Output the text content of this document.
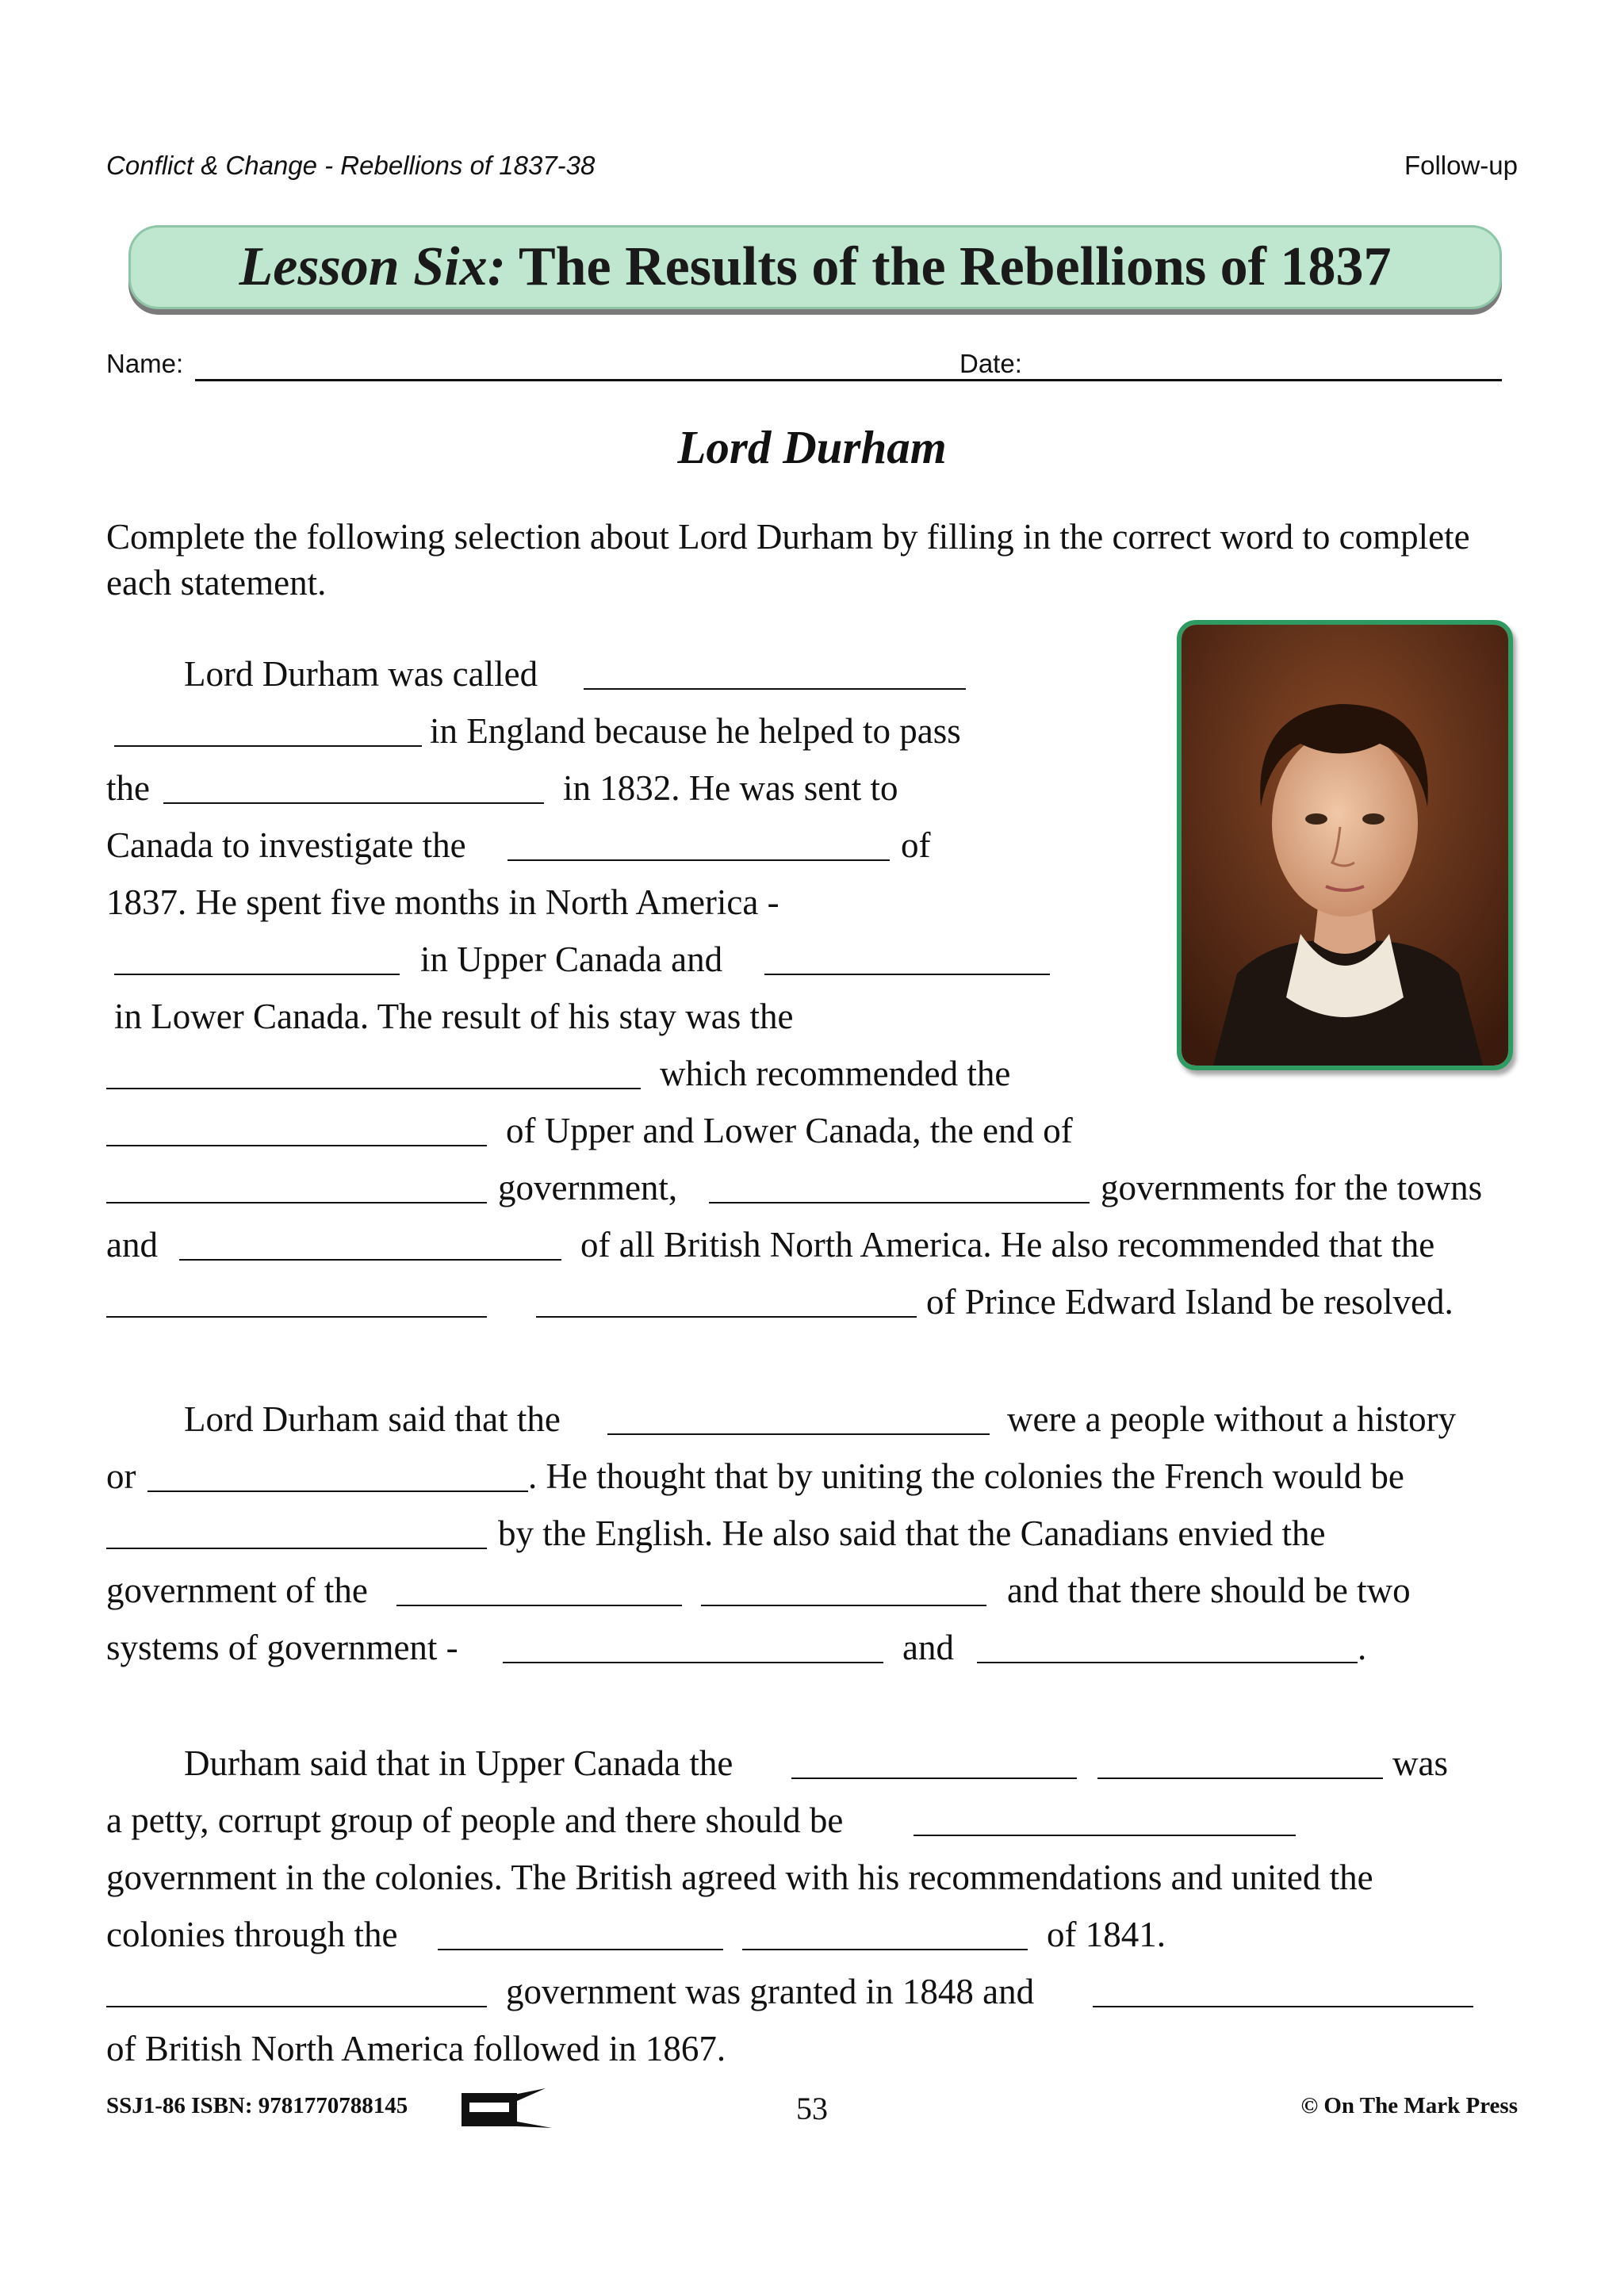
Conflict & Change - Rebellions of 1837-38	Follow-up
Lesson Six: The Results of the Rebellions of 1837
Name:	Date:
Lord Durham
Complete the following selection about Lord Durham by filling in the correct word to complete each statement.
Lord Durham was called
in England because he helped to pass
the	in 1832. He was sent to
Canada to investigate the	of
1837. He spent five months in North America -
in Upper Canada and
in Lower Canada. The result of his stay was the
which recommended the
of Upper and Lower Canada, the end of
government,	governments for the towns
and	of all British North America. He also recommended that the
of Prince Edward Island be resolved.
Lord Durham said that the	were a people without a history
or	. He thought that by uniting the colonies the French would be
by the English. He also said that the Canadians envied the
government of the	and that there should be two
systems of government -	and	.
Durham said that in Upper Canada the	was
a petty, corrupt group of people and there should be
government in the colonies. The British agreed with his recommendations and united the
colonies through the	of 1841.
government was granted in 1848 and
of British North America followed in 1867.
SSJ1-86 ISBN: 9781770788145	53	© On The Mark Press
